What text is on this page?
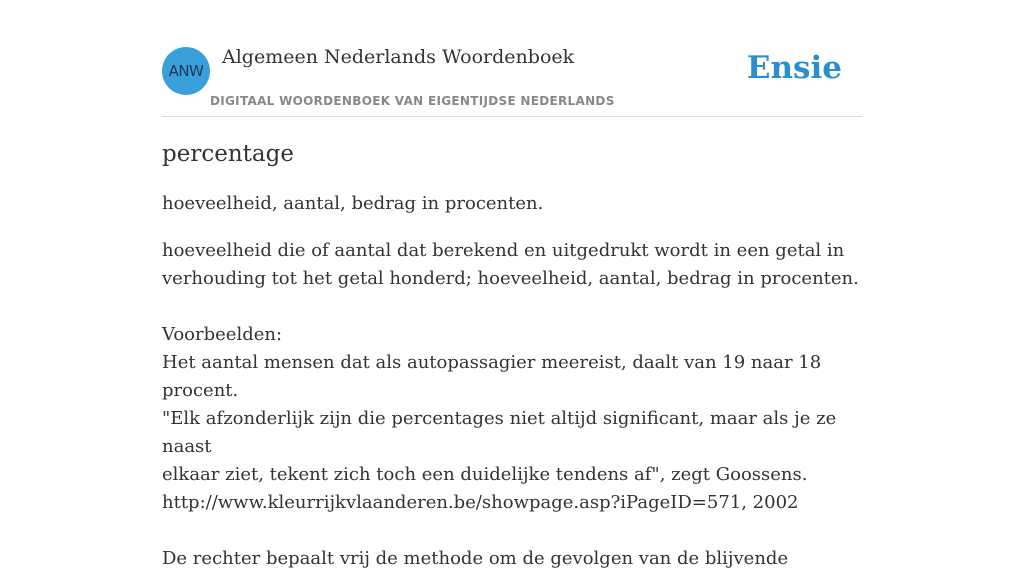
ANW
Algemeen Nederlands Woordenboek
DIGITAAL WOORDENBOEK VAN EIGENTIJDSE NEDERLANDS
Ensie
percentage

hoeveelheid, aantal, bedrag in procenten.

hoeveelheid die of aantal dat berekend en uitgedrukt wordt in een getal in

verhouding tot het getal honderd; hoeveelheid, aantal, bedrag in procenten.

Voorbeelden:

Het aantal mensen dat als autopassagier meereist, daalt van 19 naar 18 procent.

"Elk afzonderlijk zijn die percentages niet altijd significant, maar als je ze naast

elkaar ziet, tekent zich toch een duidelijke tendens af", zegt Goossens.

http://www.kleurrijkvlaanderen.be/showpage.asp?iPageID=571, 2002

De rechter bepaalt vrij de methode om de gevolgen van de blijvende
